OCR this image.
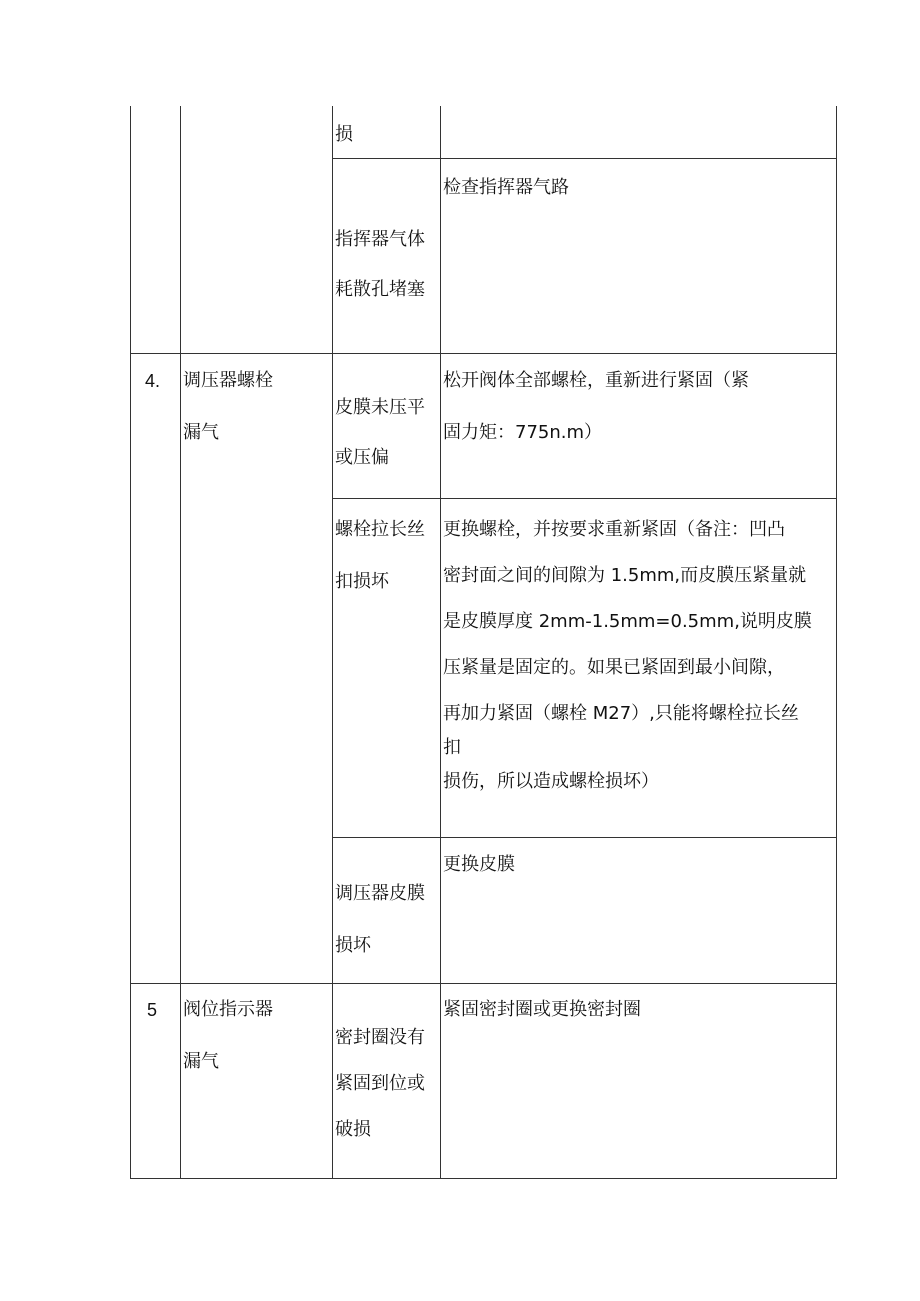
损
检查指挥器气路
指挥器气体
耗散孔堵塞
4. 调压器螺栓
漏气
松开阀体全部螺栓，重新进行紧固（紧
固力矩：775n.m）
皮膜未压平
或压偏
螺栓拉长丝
扣损坏
更换螺栓，并按要求重新紧固（备注：凹凸
密封面之间的间隙为 1.5mm,而皮膜压紧量就
是皮膜厚度 2mm-1.5mm=0.5mm,说明皮膜
压紧量是固定的。如果已紧固到最小间隙，
再加力紧固（螺栓 M27）,只能将螺栓拉长丝
扣
损伤，所以造成螺栓损坏）
更换皮膜
调压器皮膜
损坏
5 阀位指示器
漏气
紧固密封圈或更换密封圈
密封圈没有
紧固到位或
破损
